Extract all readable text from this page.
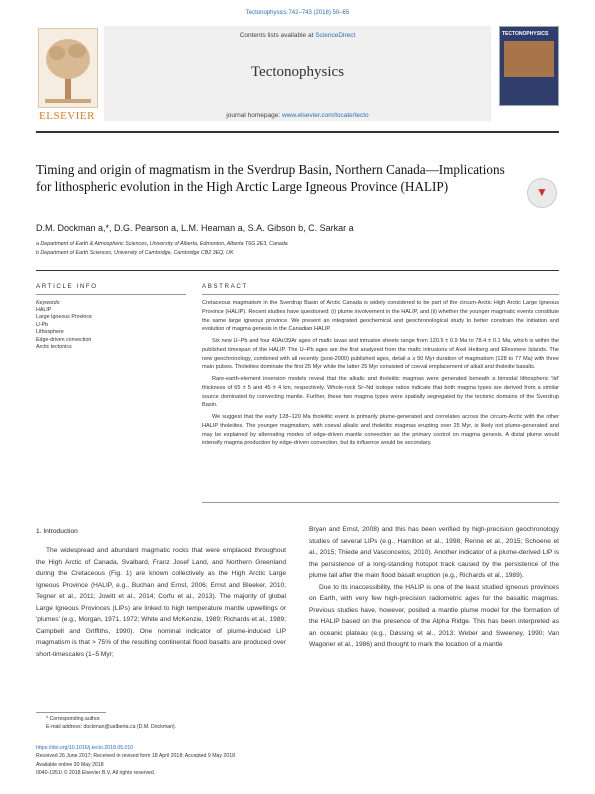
Tectonophysics 742–743 (2018) 50–65
ELSEVIER
Contents lists available at ScienceDirect
Tectonophysics
journal homepage: www.elsevier.com/locate/tecto
TECTONOPHYSICS
Timing and origin of magmatism in the Sverdrup Basin, Northern Canada—Implications for lithospheric evolution in the High Arctic Large Igneous Province (HALIP)	▼
D.M. Dockman a,*, D.G. Pearson a, L.M. Heaman a, S.A. Gibson b, C. Sarkar a
a Department of Earth & Atmospheric Sciences, University of Alberta, Edmonton, Alberta T6G 2E3, Canada
b Department of Earth Sciences, University of Cambridge, Cambridge CB2 3EQ, UK
ARTICLE INFO
Keywords:
HALIP
Large Igneous Province
U-Pb
Lithosphere
Edge-driven convection
Arctic tectonics
ABSTRACT

Cretaceous magmatism in the Sverdrup Basin of Arctic Canada is widely considered to be part of the circum-Arctic High Arctic Large Igneous Province (HALIP). Recent studies have questioned: (i) plume involvement in the HALIP, and (ii) whether the younger magmatic events constitute the same large igneous province. We present an integrated geochemical and geochronological study to better constrain the initiation and evolution of magma genesis in the Canadian HALIP.

Six new U–Pb and four 40Ar/39Ar ages of mafic lavas and intrusive sheets range from 120.9 ± 0.9 Ma to 78.4 ± 0.1 Ma, which is within the published timespan of the HALIP. The U–Pb ages are the first analyzed from the mafic intrusions of Axel Heiberg and Ellesmere Islands. The new geochronology, combined with all recently (post-2000) published ages, detail a ≥ 50 Myr duration of magmatism (128 to 77 Ma) with three main pulses. Tholeiites dominate the first 25 Myr while the latter 25 Myr consisted of coeval emplacement of alkali and tholeiite basalts.

Rare-earth-element inversion models reveal that the alkalic and tholeiitic magmas were generated beneath a bimodal lithospheric 'lid' thickness of 65 ± 5 and 45 ± 4 km, respectively. Whole-rock Sr–Nd isotope ratios indicate that both magma types are derived from a similar source dominated by convecting mantle. Further, these two magma types were spatially segregated by the tectonic domains of the Sverdrup Basin.

We suggest that the early 128–120 Ma tholeiitic event is primarily plume-generated and correlates across the circum-Arctic with the other HALIP tholeiites. The younger magmatism, with coeval alkalic and tholeiitic magmas erupting over 25 Myr, is likely not plume-generated and may be explained by alternating modes of edge-driven mantle convection as the primary control on magma genesis. A distal plume would intensify magma production by edge-driven convection, but its influence would be secondary.

1. Introduction

The widespread and abundant magmatic rocks that were emplaced throughout the High Arctic of Canada, Svalbard, Franz Josef Land, and Northern Greenland during the Cretaceous (Fig. 1) are known collectively as the High Arctic Large Igneous Province (HALIP, e.g., Buchan and Ernst, 2006; Ernst and Bleeker, 2010; Tegner et al., 2011; Jowitt et al., 2014; Corfu et al., 2013). The majority of global Large Igneous Provinces (LIPs) are linked to high temperature mantle upwellings or 'plumes' (e.g., Morgan, 1971, 1972; White and McKenzie, 1989; Richards et al., 1989; Campbell and Griffiths, 1990). One nominal indicator of plume-induced LIP magmatism is that > 75% of the resulting continental flood basalts are produced over short-timescales (1–5 Myr;

Bryan and Ernst, 2008) and this has been verified by high-precision geochronology studies of several LIPs (e.g., Hamilton et al., 1998; Renne et al., 2015; Schoene et al., 2015; Thiede and Vasconcelos, 2010). Another indicator of a plume-derived LIP is the persistence of a long-standing hotspot track caused by the persistence of the plume tail after the main flood basalt eruption (e.g., Richards et al., 1989).

Due to its inaccessibility, the HALIP is one of the least studied igneous provinces on Earth, with very few high-precision radiometric ages for the basaltic magmas. Previous studies have, however, posited a mantle plume model for the formation of the HALIP based on the presence of the Alpha Ridge. This has been interpreted as an oceanic plateau (e.g., Døssing et al., 2013; Weber and Sweeney, 1990; Van Wagoner et al., 1986) and thought to mark the location of a mantle

* Corresponding author.
E-mail address: dockman@ualberta.ca (D.M. Dockman).
https://doi.org/10.1016/j.tecto.2018.05.010
Received 26 June 2017; Received in revised form 18 April 2018; Accepted 9 May 2018
Available online 30 May 2018
0040-1951/ © 2018 Elsevier B.V. All rights reserved.
